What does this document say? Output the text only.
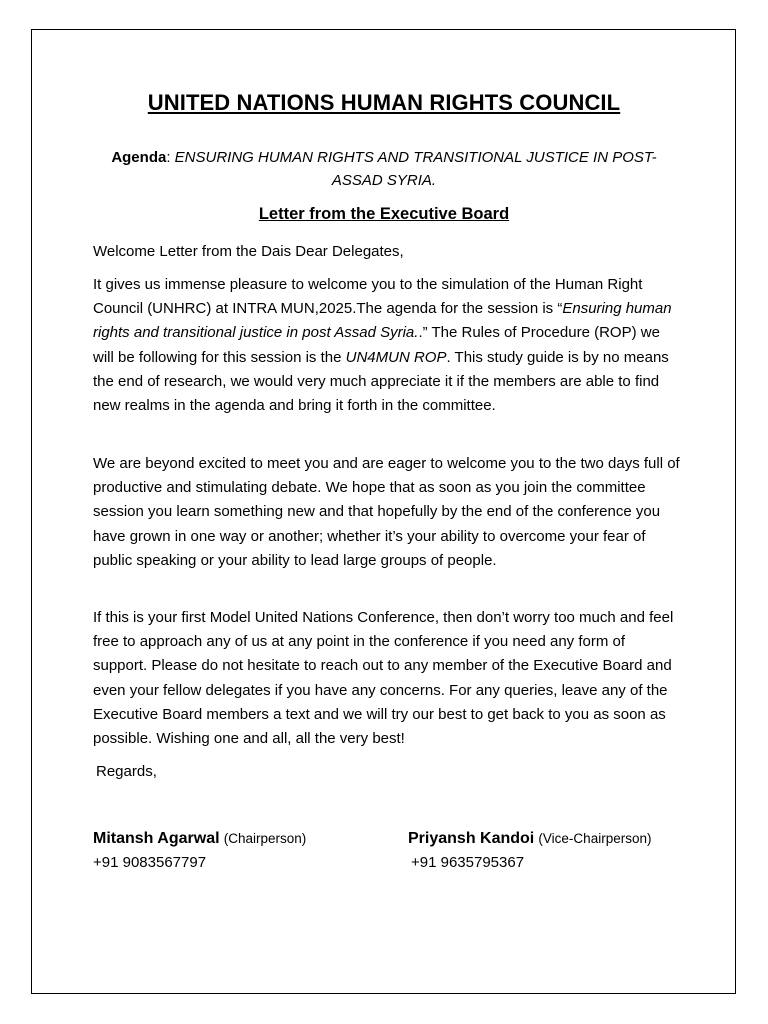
UNITED NATIONS HUMAN RIGHTS COUNCIL
Agenda: ENSURING HUMAN RIGHTS AND TRANSITIONAL JUSTICE IN POST-ASSAD SYRIA.
Letter from the Executive Board
Welcome Letter from the Dais Dear Delegates,
It gives us immense pleasure to welcome you to the simulation of the Human Right Council (UNHRC) at INTRA MUN,2025.The agenda for the session is “Ensuring human rights and transitional justice in post Assad Syria..” The Rules of Procedure (ROP) we will be following for this session is the UN4MUN ROP. This study guide is by no means the end of research, we would very much appreciate it if the members are able to find new realms in the agenda and bring it forth in the committee.
We are beyond excited to meet you and are eager to welcome you to the two days full of productive and stimulating debate. We hope that as soon as you join the committee session you learn something new and that hopefully by the end of the conference you have grown in one way or another; whether it’s your ability to overcome your fear of public speaking or your ability to lead large groups of people.
If this is your first Model United Nations Conference, then don’t worry too much and feel free to approach any of us at any point in the conference if you need any form of support. Please do not hesitate to reach out to any member of the Executive Board and even your fellow delegates if you have any concerns. For any queries, leave any of the Executive Board members a text and we will try our best to get back to you as soon as possible. Wishing one and all, all the very best!
Regards,
Mitansh Agarwal (Chairperson)
+91 9083567797
Priyansh Kandoi (Vice-Chairperson)
+91 9635795367
